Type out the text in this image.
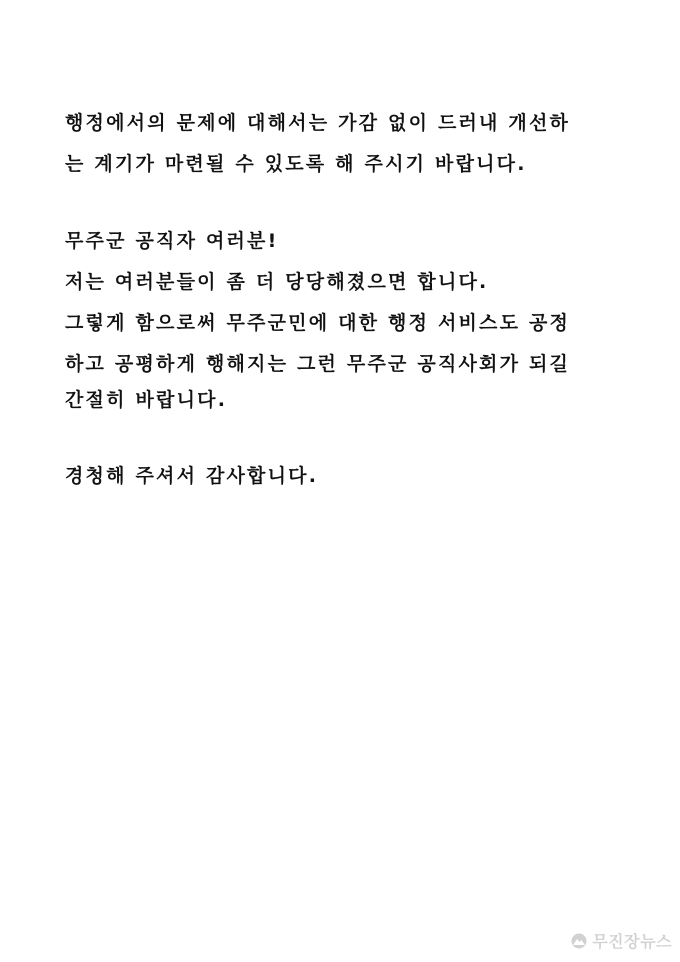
행정에서의 문제에 대해서는 가감 없이 드러내 개선하
는 계기가 마련될 수 있도록 해 주시기 바랍니다.
무주군 공직자 여러분!
저는 여러분들이 좀 더 당당해졌으면 합니다.
그렇게 함으로써 무주군민에 대한 행정 서비스도 공정
하고 공평하게 행해지는 그런 무주군 공직사회가 되길
간절히 바랍니다.
경청해 주셔서 감사합니다.
무진장뉴스
